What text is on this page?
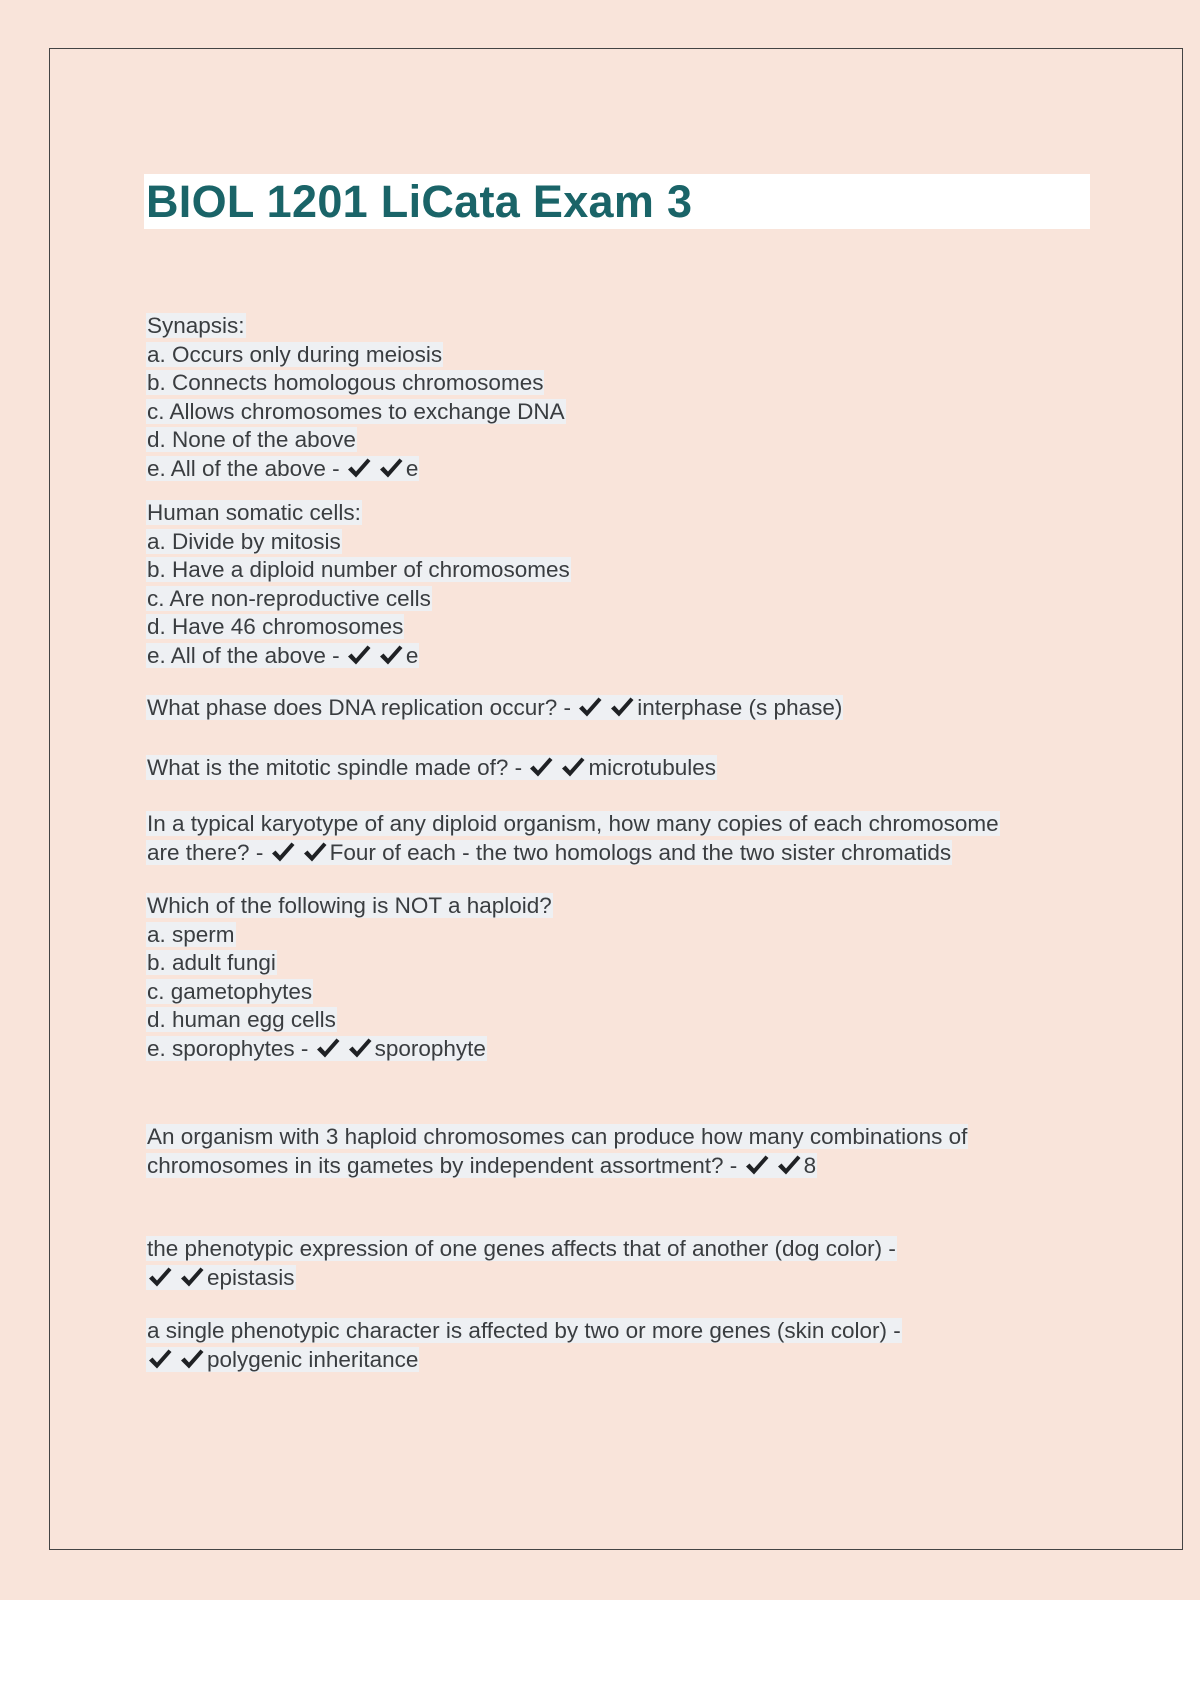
BIOL 1201 LiCata Exam 3
Synapsis:
a. Occurs only during meiosis
b. Connects homologous chromosomes
c. Allows chromosomes to exchange DNA
d. None of the above
e. All of the above -	e
Human somatic cells:
a. Divide by mitosis
b. Have a diploid number of chromosomes
c. Are non-reproductive cells
d. Have 46 chromosomes
e. All of the above -	e
What phase does DNA replication occur? -	interphase (s phase)
What is the mitotic spindle made of? -	microtubules
In a typical karyotype of any diploid organism, how many copies of each chromosome
are there? -	Four of each - the two homologs and the two sister chromatids
Which of the following is NOT a haploid?
a. sperm
b. adult fungi
c. gametophytes
d. human egg cells
e. sporophytes -	sporophyte
An organism with 3 haploid chromosomes can produce how many combinations of
chromosomes in its gametes by independent assortment? -	8
the phenotypic expression of one genes affects that of another (dog color) -
epistasis
a single phenotypic character is affected by two or more genes (skin color) -
polygenic inheritance
